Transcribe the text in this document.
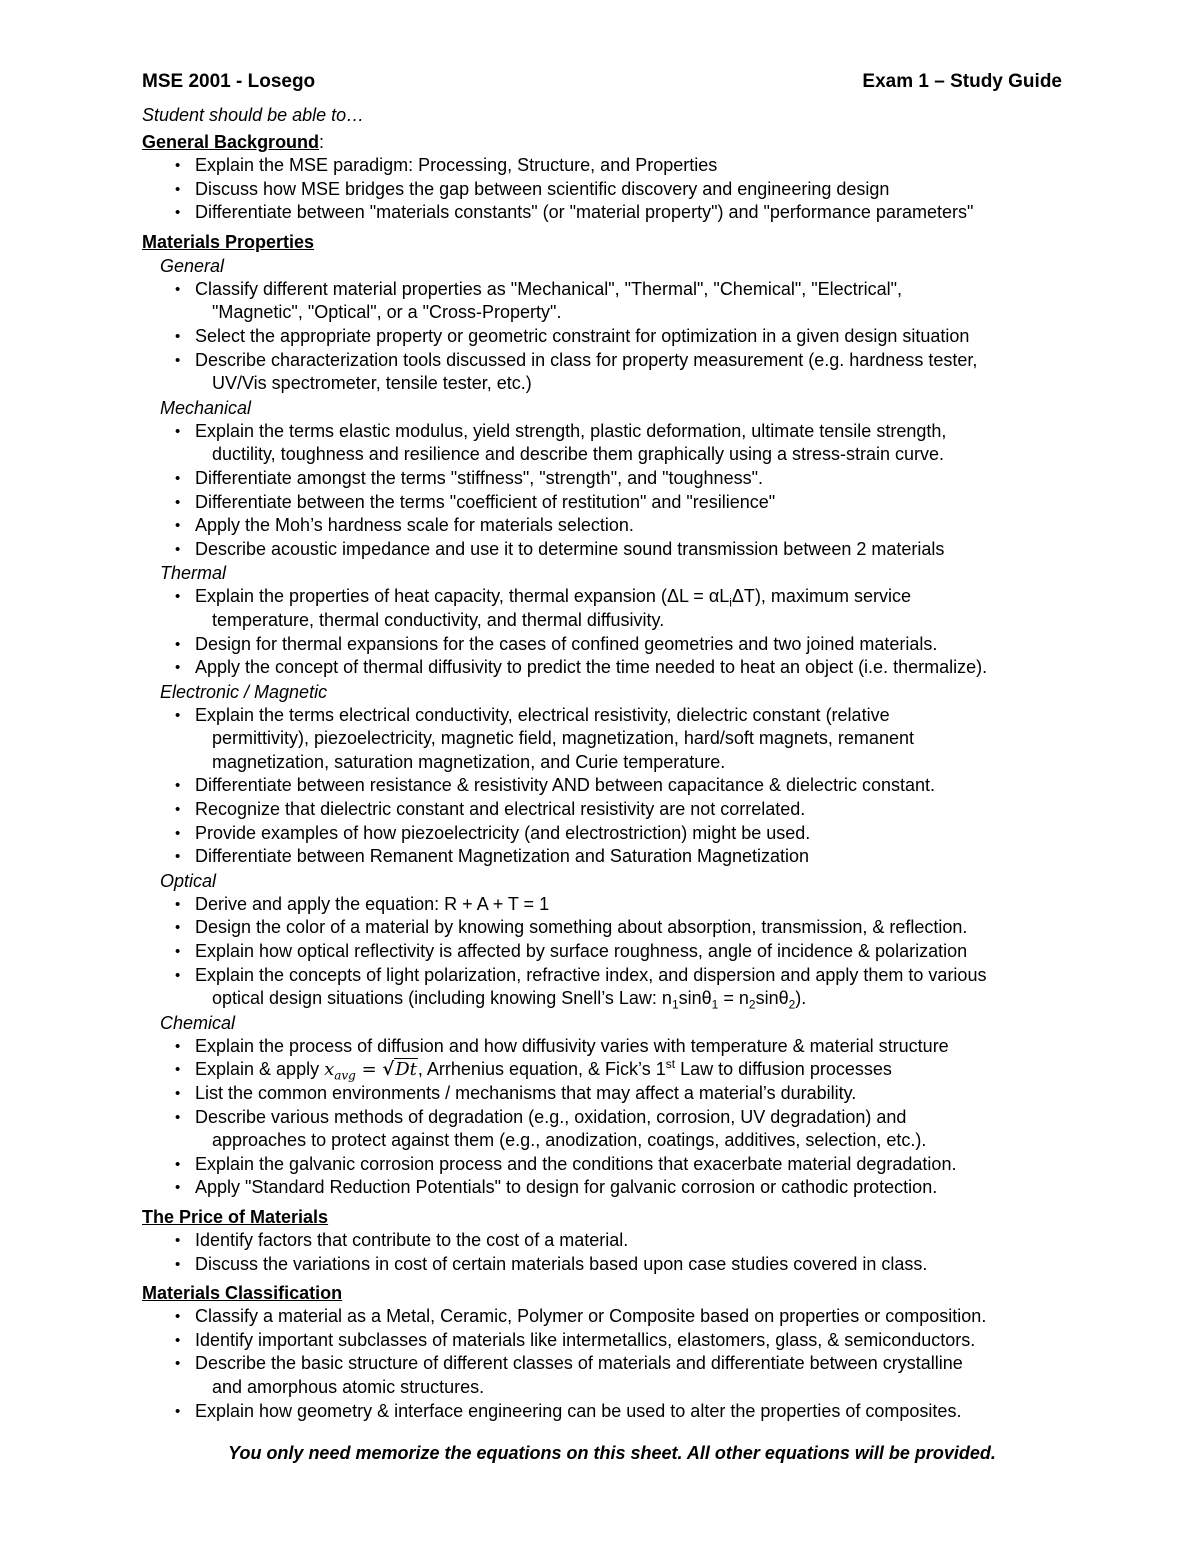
MSE 2001 - Losego	Exam 1 – Study Guide
Student should be able to…
General Background:
• Explain the MSE paradigm: Processing, Structure, and Properties
• Discuss how MSE bridges the gap between scientific discovery and engineering design
• Differentiate between "materials constants" (or "material property") and "performance parameters"
Materials Properties
General
• Classify different material properties as "Mechanical", "Thermal", "Chemical", "Electrical",
"Magnetic", "Optical", or a "Cross-Property".
• Select the appropriate property or geometric constraint for optimization in a given design situation
• Describe characterization tools discussed in class for property measurement (e.g. hardness tester,
UV/Vis spectrometer, tensile tester, etc.)
Mechanical
• Explain the terms elastic modulus, yield strength, plastic deformation, ultimate tensile strength,
ductility, toughness and resilience and describe them graphically using a stress-strain curve.
• Differentiate amongst the terms "stiffness", "strength", and "toughness".
• Differentiate between the terms "coefficient of restitution" and "resilience"
• Apply the Moh’s hardness scale for materials selection.
• Describe acoustic impedance and use it to determine sound transmission between 2 materials
Thermal
• Explain the properties of heat capacity, thermal expansion $(\Delta L = \alpha L_i\Delta T)$, maximum service
temperature, thermal conductivity, and thermal diffusivity.
• Design for thermal expansions for the cases of confined geometries and two joined materials.
• Apply the concept of thermal diffusivity to predict the time needed to heat an object (i.e. thermalize).
Electronic / Magnetic
• Explain the terms electrical conductivity, electrical resistivity, dielectric constant (relative
permittivity), piezoelectricity, magnetic field, magnetization, hard/soft magnets, remanent
magnetization, saturation magnetization, and Curie temperature.
• Differentiate between resistance & resistivity AND between capacitance & dielectric constant.
• Recognize that dielectric constant and electrical resistivity are not correlated.
• Provide examples of how piezoelectricity (and electrostriction) might be used.
• Differentiate between Remanent Magnetization and Saturation Magnetization
Optical
• Derive and apply the equation: R + A + T = 1
• Design the color of a material by knowing something about absorption, transmission, & reflection.
• Explain how optical reflectivity is affected by surface roughness, angle of incidence & polarization
• Explain the concepts of light polarization, refractive index, and dispersion and apply them to various
optical design situations (including knowing Snell’s Law: $n_1\sin\theta_1 = n_2\sin\theta_2$).
Chemical
• Explain the process of diffusion and how diffusivity varies with temperature & material structure
• Explain & apply $x_{avg} = √Dt$, Arrhenius equation, & Fick’s 1st Law to diffusion processes
• List the common environments / mechanisms that may affect a material’s durability.
• Describe various methods of degradation (e.g., oxidation, corrosion, UV degradation) and
approaches to protect against them (e.g., anodization, coatings, additives, selection, etc.).
• Explain the galvanic corrosion process and the conditions that exacerbate material degradation.
• Apply "Standard Reduction Potentials" to design for galvanic corrosion or cathodic protection.
The Price of Materials
• Identify factors that contribute to the cost of a material.
• Discuss the variations in cost of certain materials based upon case studies covered in class.
Materials Classification
• Classify a material as a Metal, Ceramic, Polymer or Composite based on properties or composition.
• Identify important subclasses of materials like intermetallics, elastomers, glass, & semiconductors.
• Describe the basic structure of different classes of materials and differentiate between crystalline
and amorphous atomic structures.
• Explain how geometry & interface engineering can be used to alter the properties of composites.
You only need memorize the equations on this sheet. All other equations will be provided.
